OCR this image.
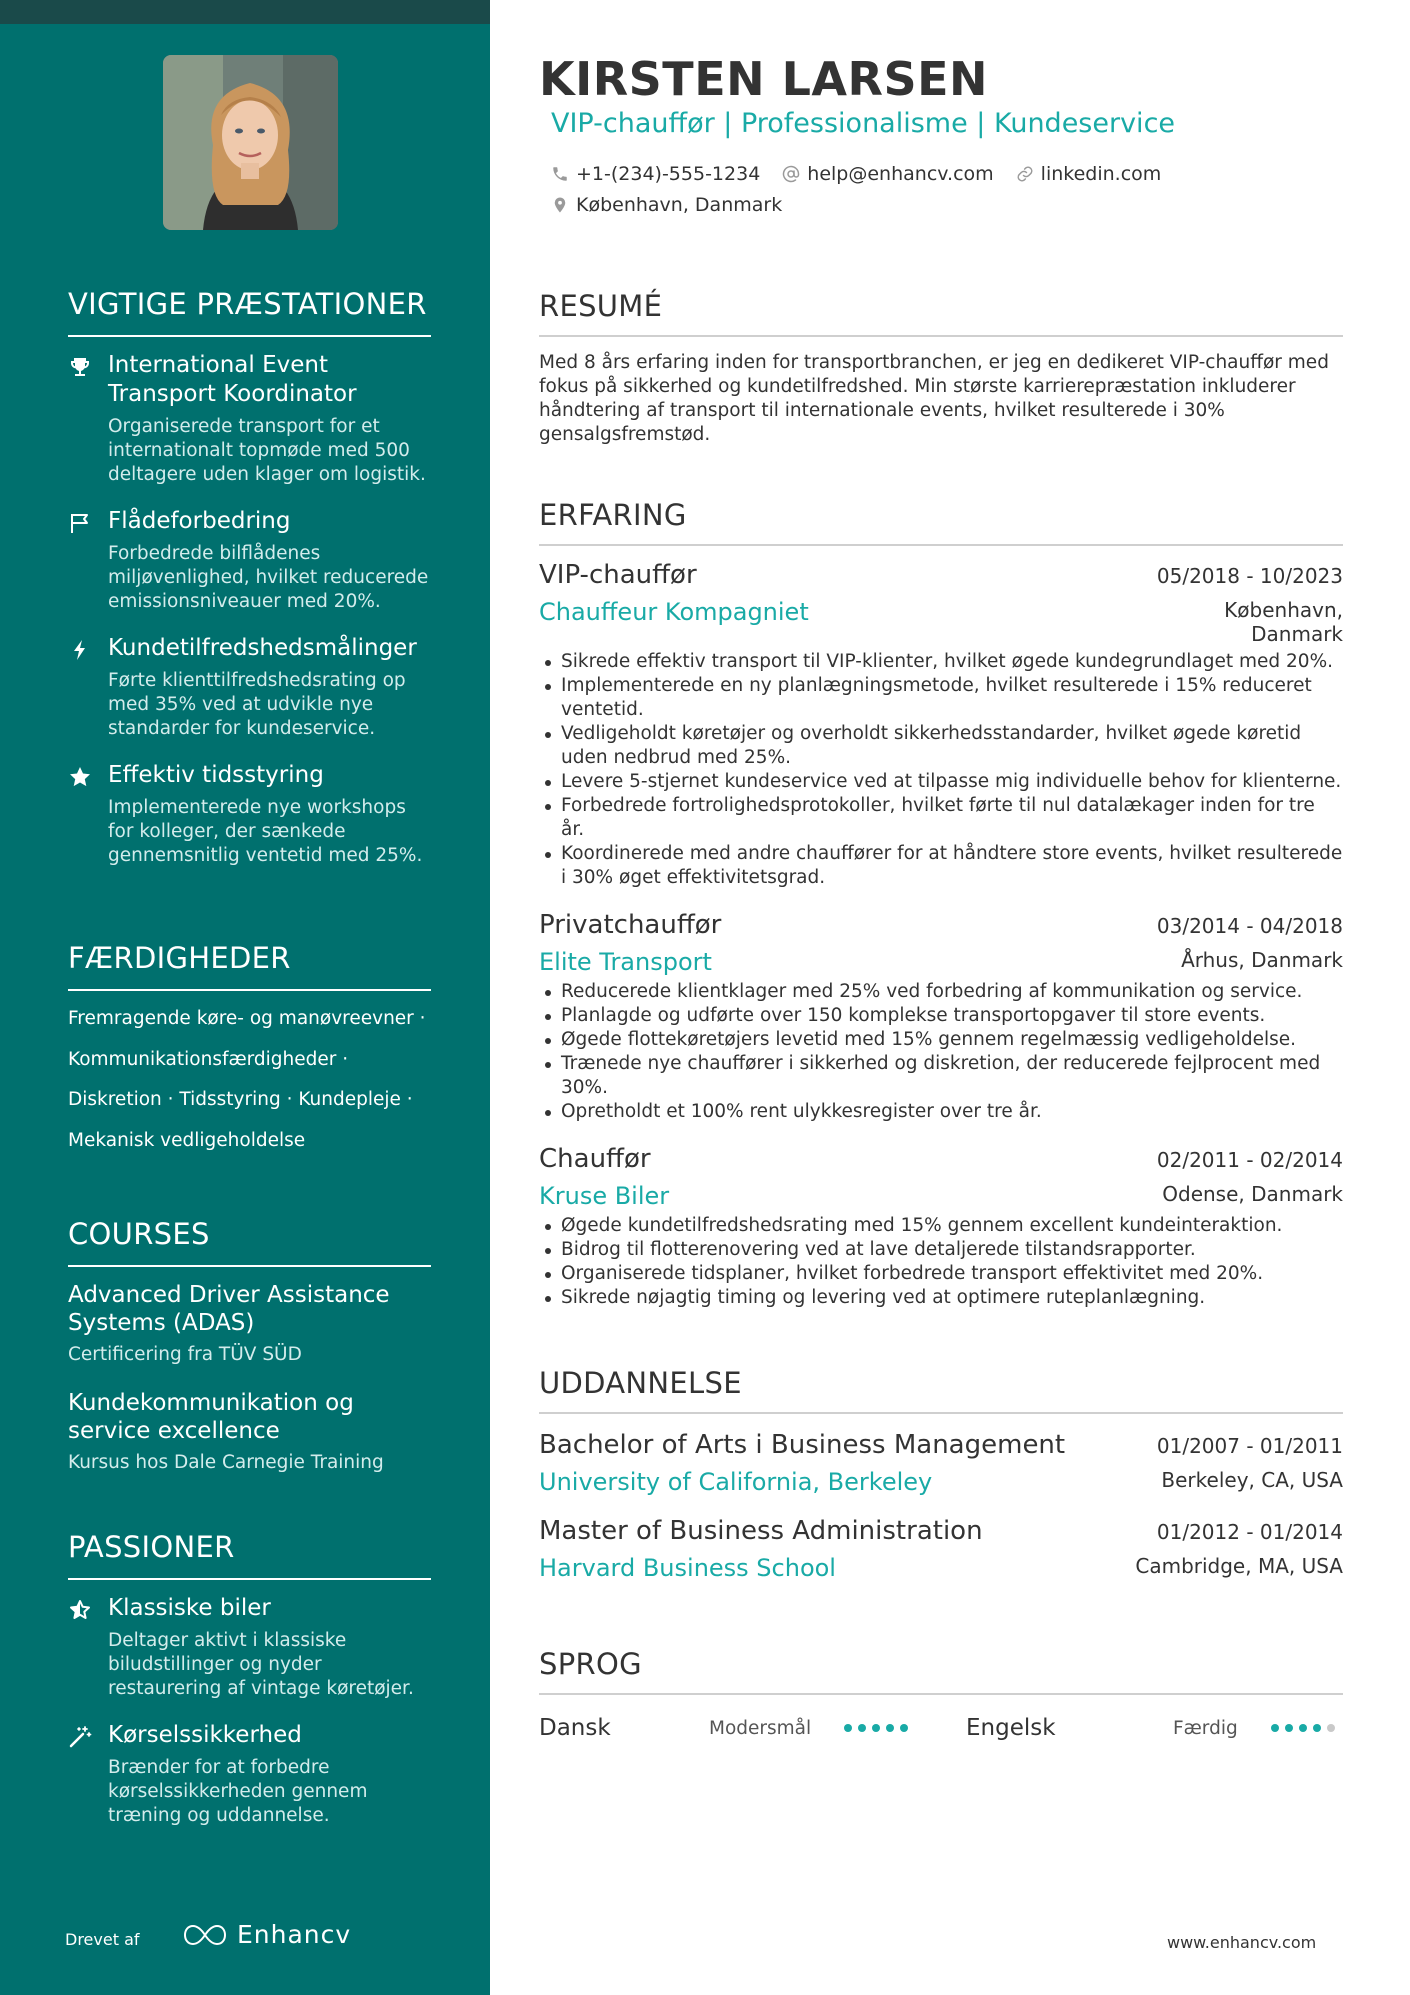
VIGTIGE PRÆSTATIONER
International Event Transport Koordinator
Organiserede transport for et internationalt topmøde med 500 deltagere uden klager om logistik.
Flådeforbedring
Forbedrede bilflådenes miljøvenlighed, hvilket reducerede emissionsniveauer med 20%.
Kundetilfredshedsmålinger
Førte klienttilfredshedsrating op med 35% ved at udvikle nye standarder for kundeservice.
Effektiv tidsstyring
Implementerede nye workshops for kolleger, der sænkede gennemsnitlig ventetid med 25%.
FÆRDIGHEDER
Fremragende køre- og manøvreevner ·
Kommunikationsfærdigheder ·
Diskretion · Tidsstyring · Kundepleje ·
Mekanisk vedligeholdelse
COURSES
Advanced Driver Assistance Systems (ADAS)
Certificering fra TÜV SÜD
Kundekommunikation og service excellence
Kursus hos Dale Carnegie Training
PASSIONER
Klassiske biler
Deltager aktivt i klassiske biludstillinger og nyder restaurering af vintage køretøjer.
Kørselssikkerhed
Brænder for at forbedre kørselssikkerheden gennem træning og uddannelse.
Drevet af	Enhancv
KIRSTEN LARSEN
VIP-chauffør | Professionalisme | Kundeservice
+1-(234)-555-1234 help@enhancv.com linkedin.com
København, Danmark
RESUMÉ
Med 8 års erfaring inden for transportbranchen, er jeg en dedikeret VIP-chauffør med fokus på sikkerhed og kundetilfredshed. Min største karrierepræstation inkluderer håndtering af transport til internationale events, hvilket resulterede i 30% gensalgsfremstød.
ERFARING
VIP-chauffør	05/2018 - 10/2023
Chauffeur Kompagniet	København, Danmark
Sikrede effektiv transport til VIP-klienter, hvilket øgede kundegrundlaget med 20%.
Implementerede en ny planlægningsmetode, hvilket resulterede i 15% reduceret ventetid.
Vedligeholdt køretøjer og overholdt sikkerhedsstandarder, hvilket øgede køretid uden nedbrud med 25%.
Levere 5-stjernet kundeservice ved at tilpasse mig individuelle behov for klienterne.
Forbedrede fortrolighedsprotokoller, hvilket førte til nul datalækager inden for tre år.
Koordinerede med andre chauffører for at håndtere store events, hvilket resulterede i 30% øget effektivitetsgrad.
Privatchauffør	03/2014 - 04/2018
Elite Transport	Århus, Danmark
Reducerede klientklager med 25% ved forbedring af kommunikation og service.
Planlagde og udførte over 150 komplekse transportopgaver til store events.
Øgede flottekøretøjers levetid med 15% gennem regelmæssig vedligeholdelse.
Trænede nye chauffører i sikkerhed og diskretion, der reducerede fejlprocent med 30%.
Opretholdt et 100% rent ulykkesregister over tre år.
Chauffør	02/2011 - 02/2014
Kruse Biler	Odense, Danmark
Øgede kundetilfredshedsrating med 15% gennem excellent kundeinteraktion.
Bidrog til flotterenovering ved at lave detaljerede tilstandsrapporter.
Organiserede tidsplaner, hvilket forbedrede transport effektivitet med 20%.
Sikrede nøjagtig timing og levering ved at optimere ruteplanlægning.
UDDANNELSE
Bachelor of Arts i Business Management	01/2007 - 01/2011
University of California, Berkeley	Berkeley, CA, USA
Master of Business Administration	01/2012 - 01/2014
Harvard Business School	Cambridge, MA, USA
SPROG
Dansk	Modersmål	Engelsk	Færdig
www.enhancv.com
